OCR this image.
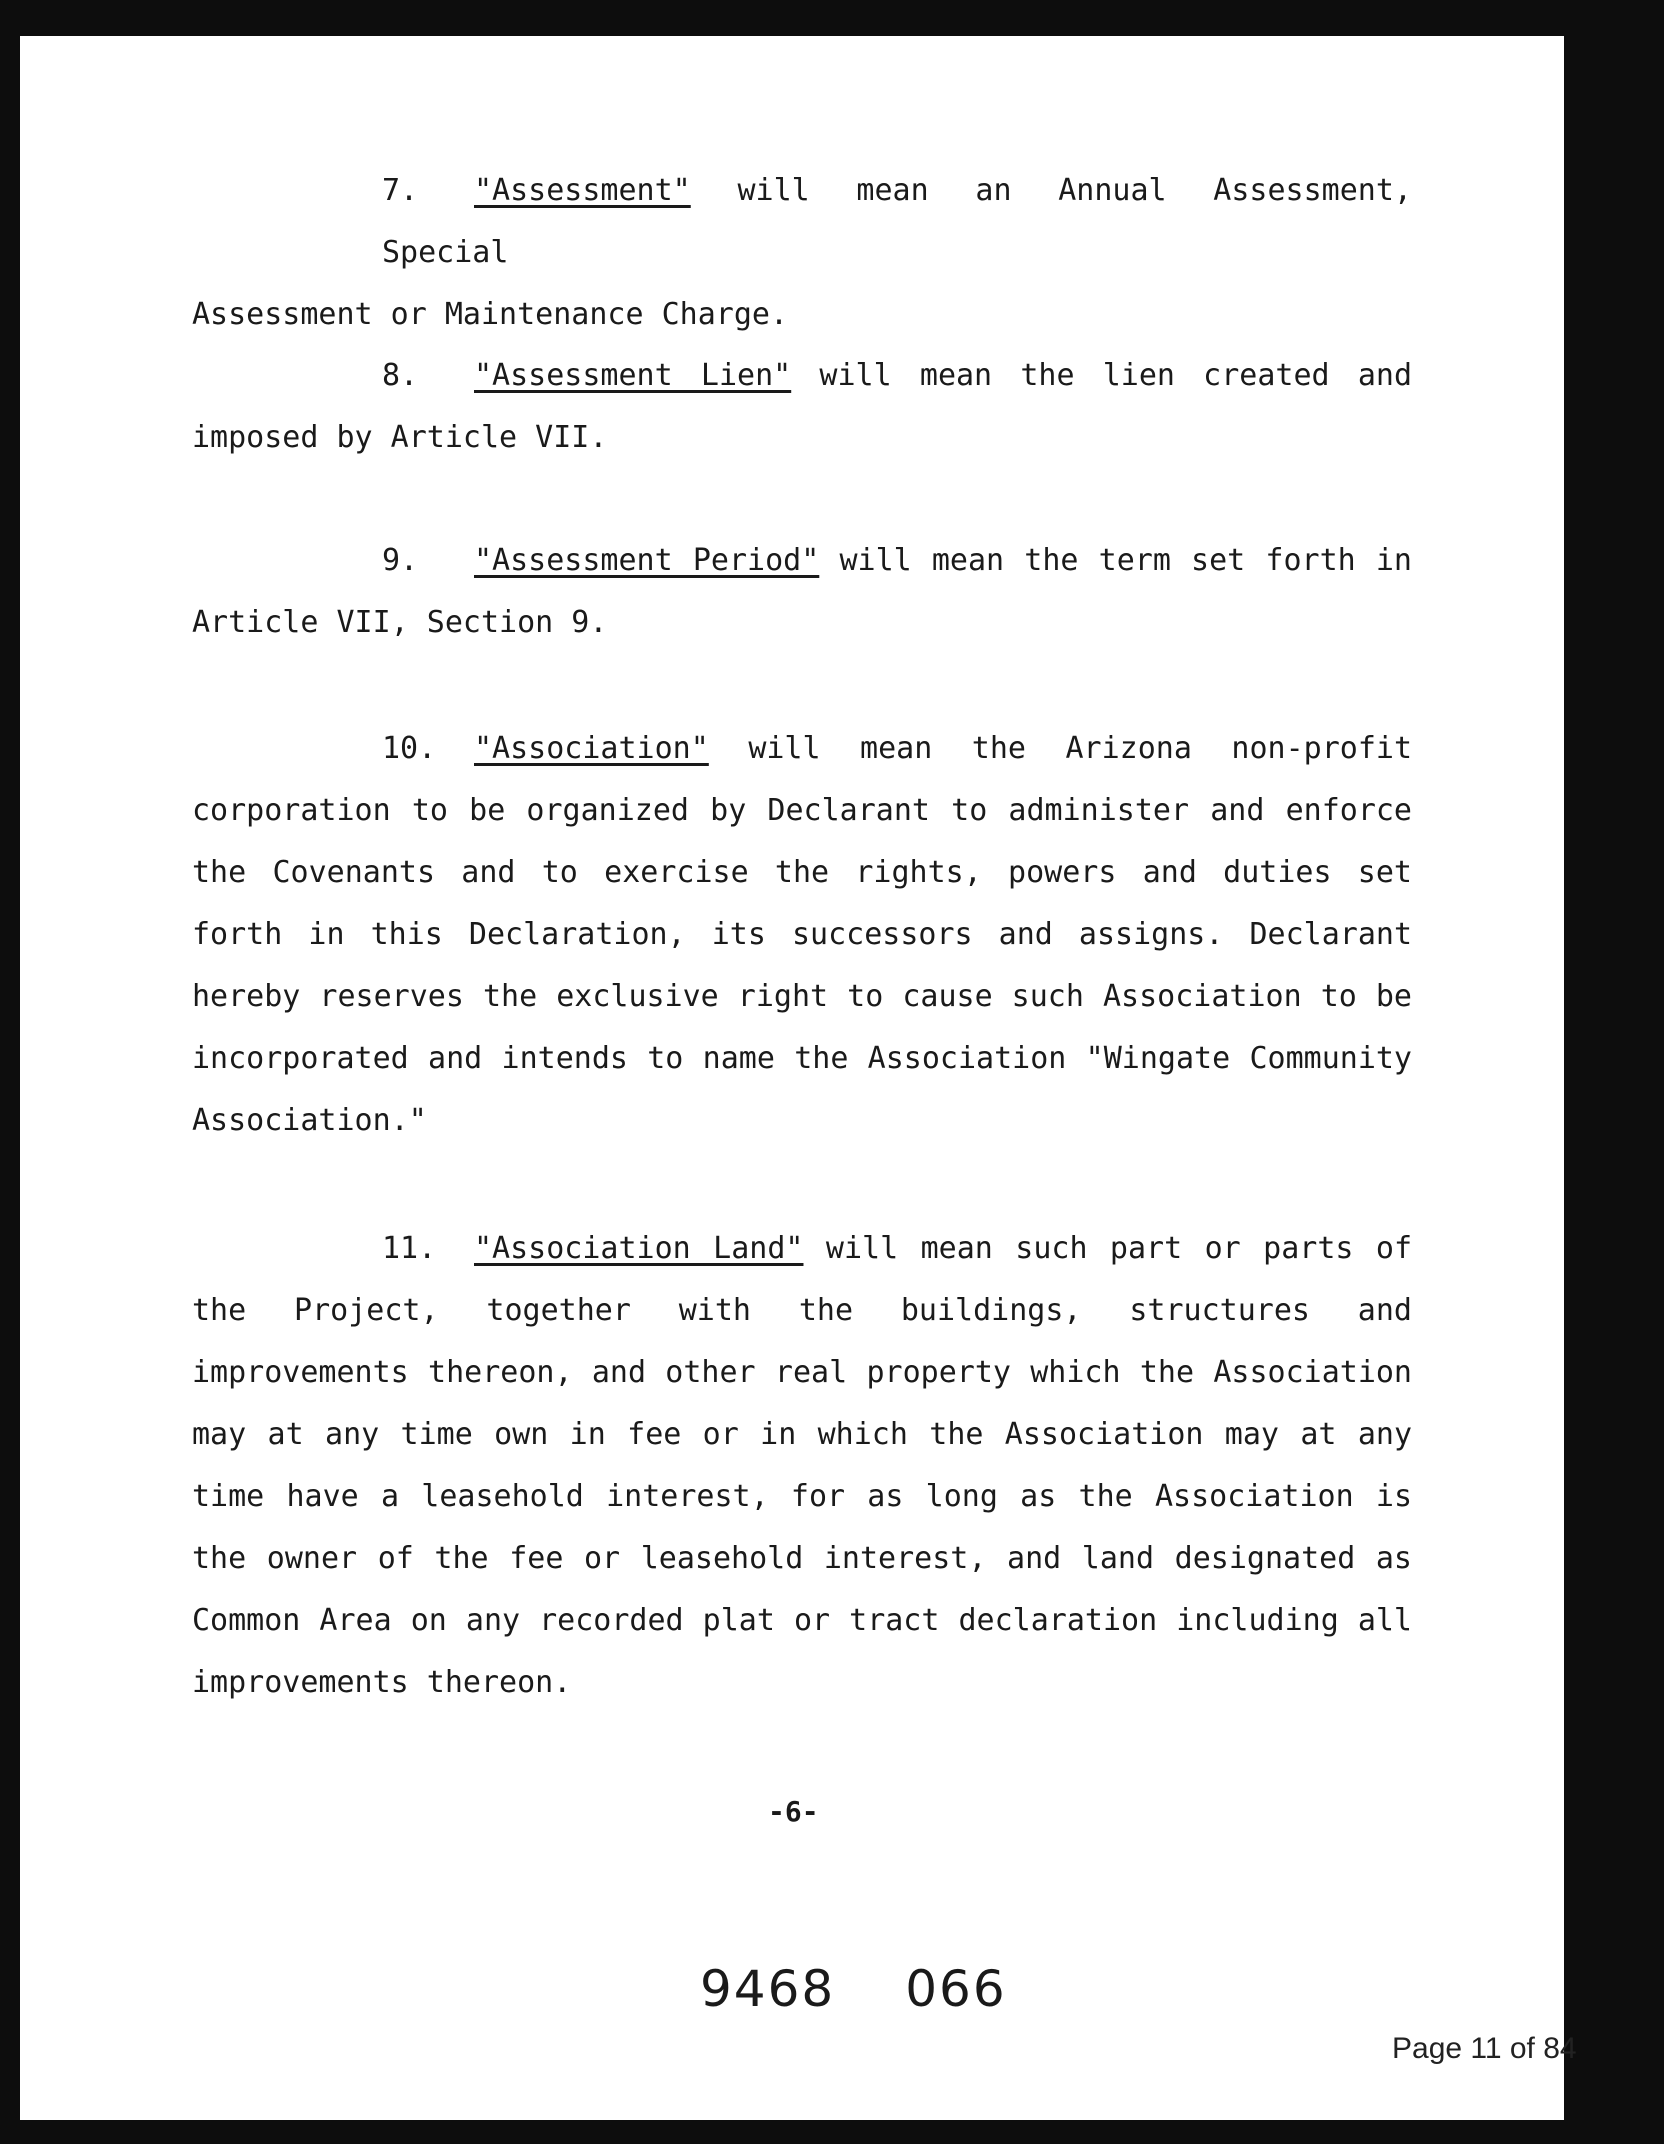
7. "Assessment" will mean an Annual Assessment, Special

Assessment or Maintenance Charge.

8. "Assessment Lien" will mean the lien created and

imposed by Article VII.

9. "Assessment Period" will mean the term set forth in

Article VII, Section 9.

10. "Association" will mean the Arizona non-profit

corporation to be organized by Declarant to administer and enforce the Covenants and to exercise the rights, powers and duties set forth in this Declaration, its successors and assigns. Declarant hereby reserves the exclusive right to cause such Association to be incorporated and intends to name the Association "Wingate Community Association."

11. "Association Land" will mean such part or parts of

the Project, together with the buildings, structures and improvements thereon, and other real property which the Association may at any time own in fee or in which the Association may at any time have a leasehold interest, for as long as the Association is the owner of the fee or leasehold interest, and land designated as Common Area on any recorded plat or tract declaration including all improvements thereon.

-6-
9468 066
Page 11 of 84
08/29/2011 12:14 PM
